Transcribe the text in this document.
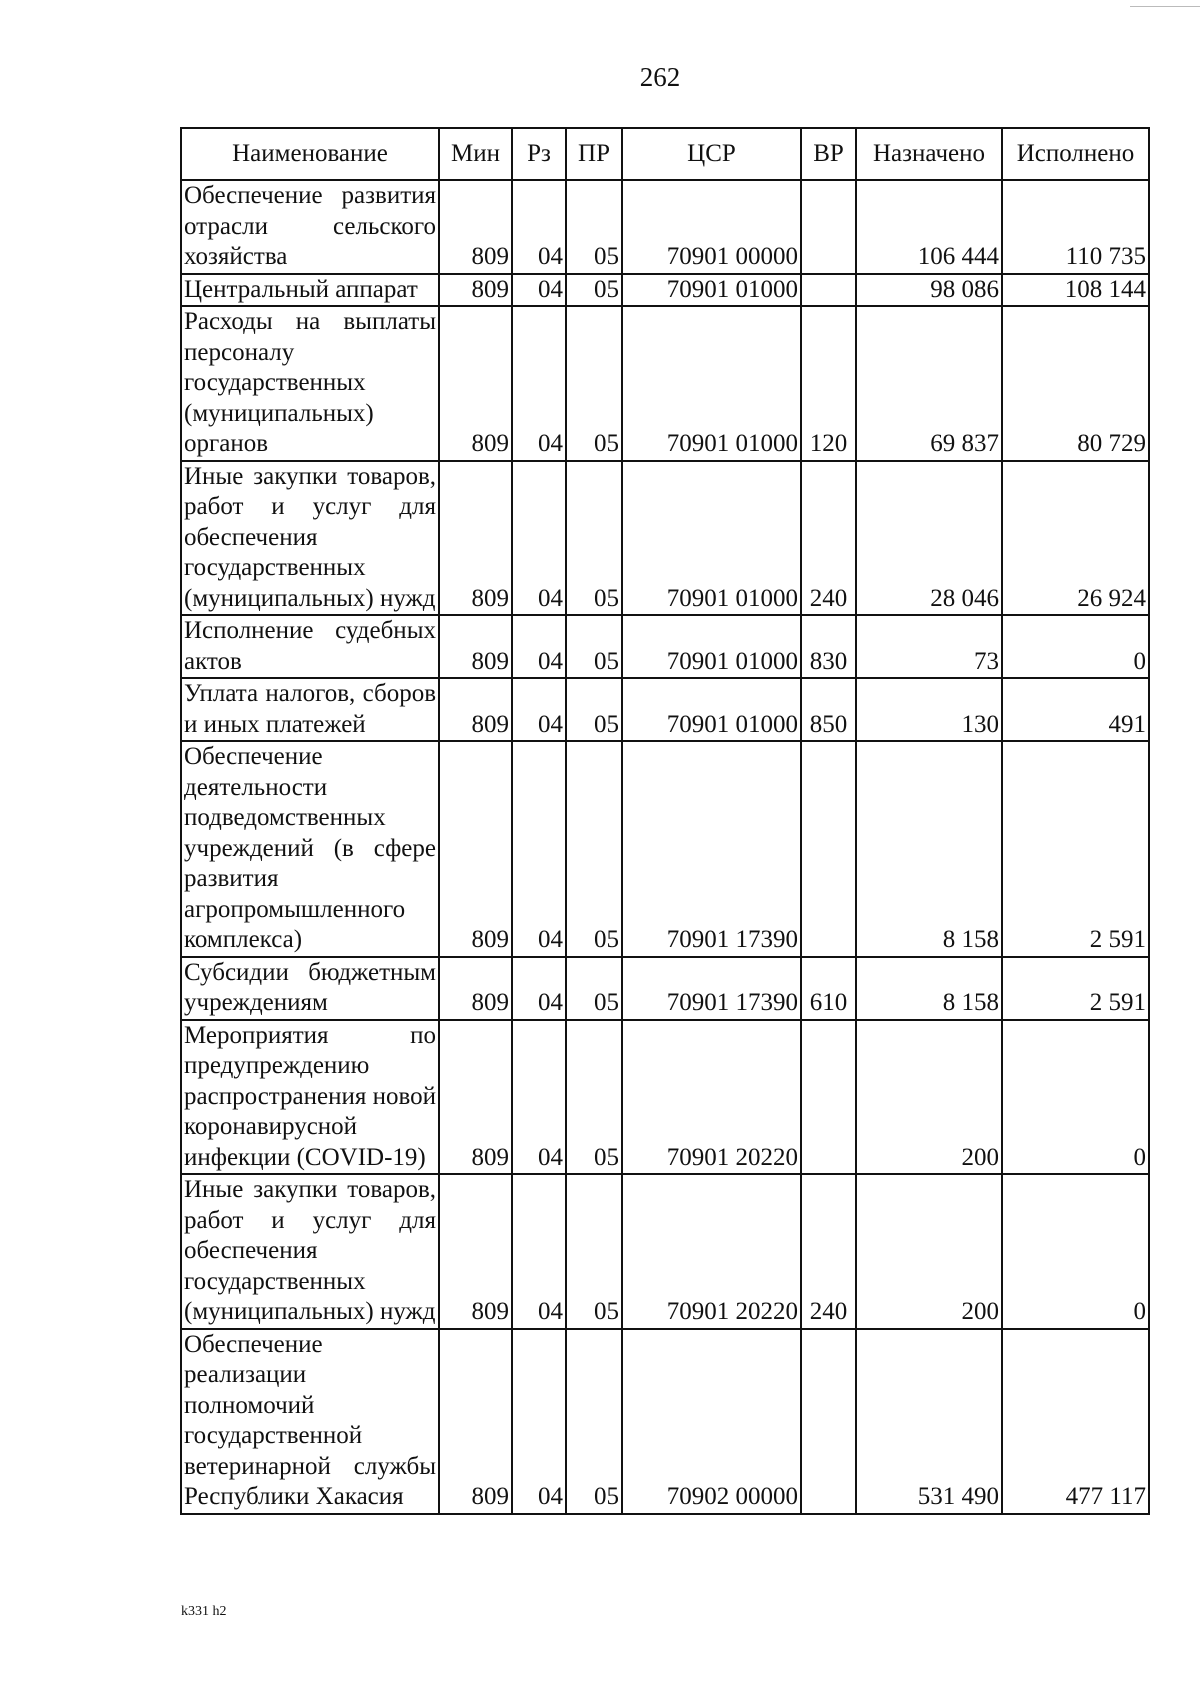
262
Наименование	Мин	Рз	ПР	ЦСР	ВР	Назначено	Исполнено
Обеспечение развития отрасли сельского хозяйства	809	04	05	70901 00000		106 444	110 735
Центральный аппарат	809	04	05	70901 01000		98 086	108 144
Расходы на выплаты персоналу государственных (муниципальных) органов	809	04	05	70901 01000	120	69 837	80 729
Иные закупки товаров, работ и услуг для обеспечения государственных (муниципальных) нужд	809	04	05	70901 01000	240	28 046	26 924
Исполнение судебных актов	809	04	05	70901 01000	830	73	0
Уплата налогов, сборов и иных платежей	809	04	05	70901 01000	850	130	491
Обеспечение деятельности подведомственных учреждений (в сфере развития агропромышленного комплекса)	809	04	05	70901 17390		8 158	2 591
Субсидии бюджетным учреждениям	809	04	05	70901 17390	610	8 158	2 591
Мероприятия по предупреждению распространения новой коронавирусной инфекции (COVID-19)	809	04	05	70901 20220		200	0
Иные закупки товаров, работ и услуг для обеспечения государственных (муниципальных) нужд	809	04	05	70901 20220	240	200	0
Обеспечение реализации полномочий государственной ветеринарной службы Республики Хакасия	809	04	05	70902 00000		531 490	477 117
k331 h2
